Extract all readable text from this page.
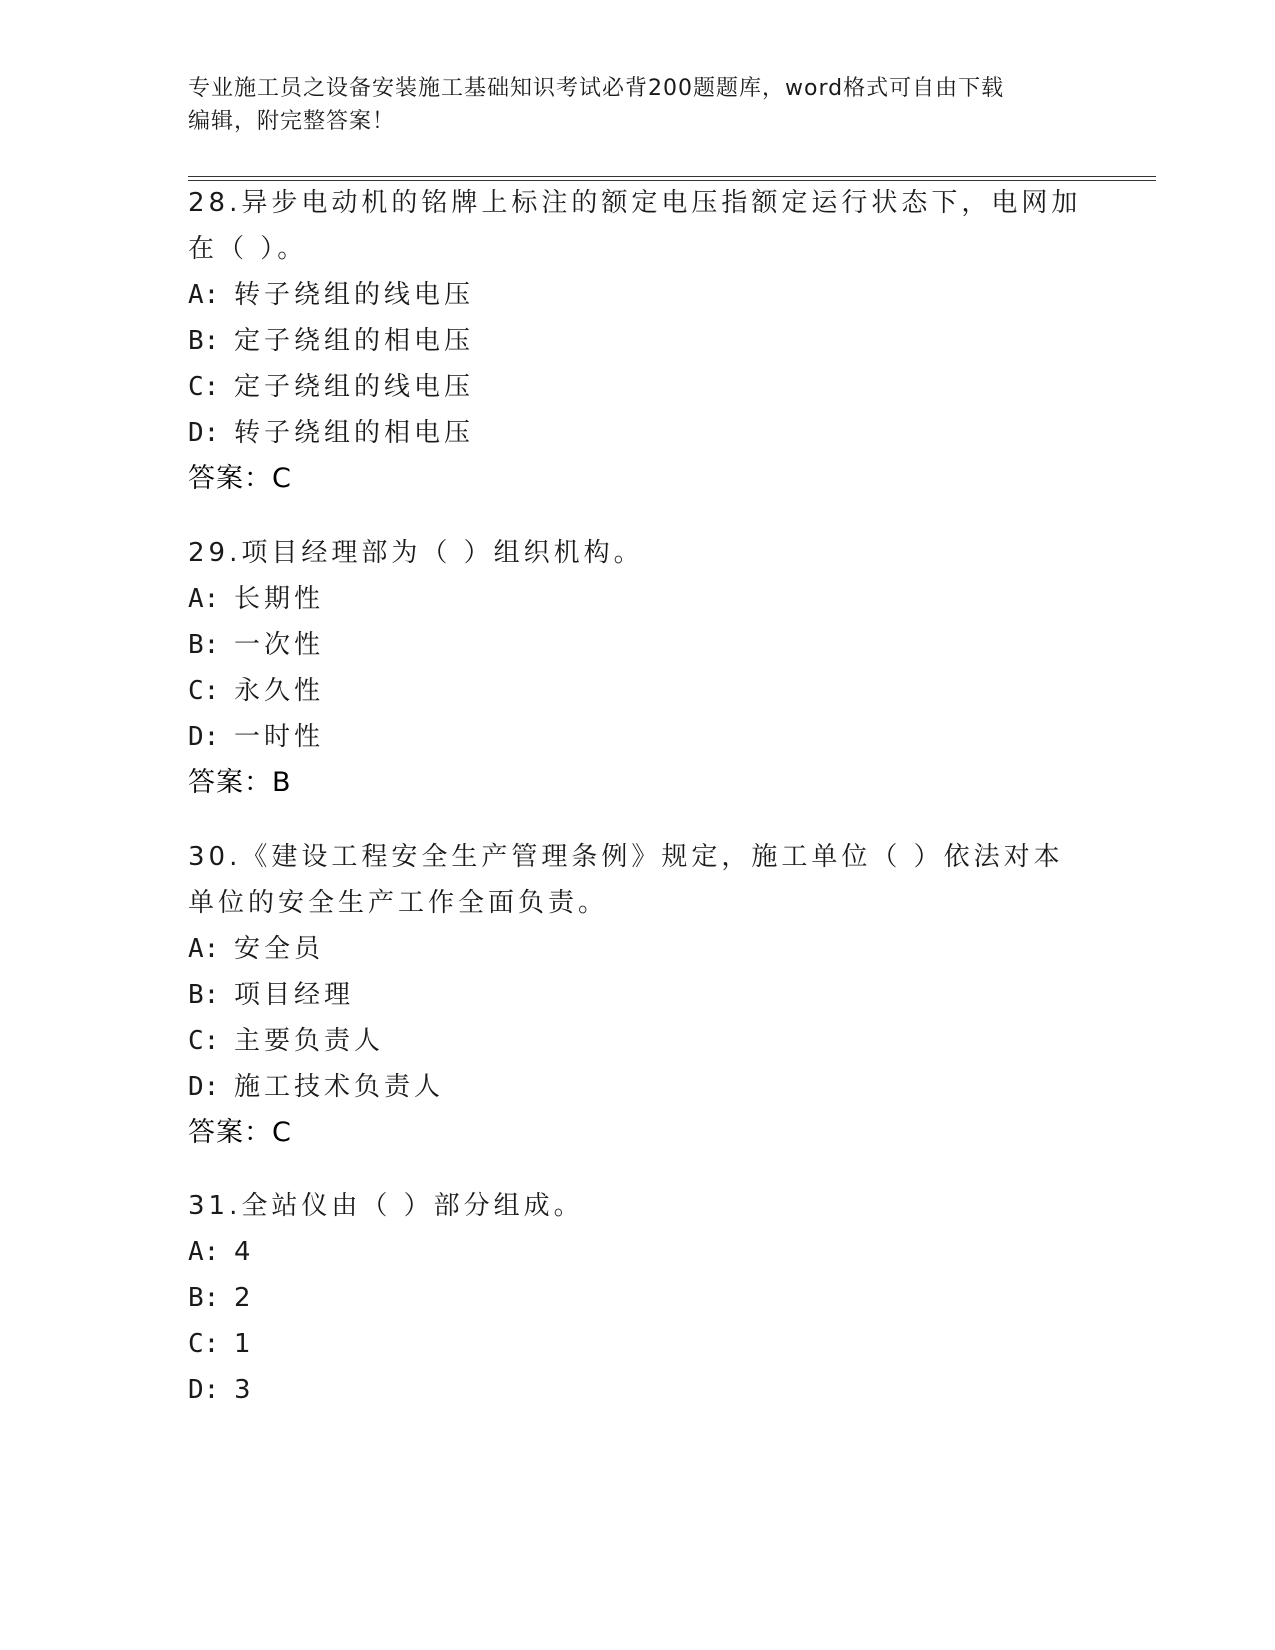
专业施工员之设备安装施工基础知识考试必背200题题库，word格式可自由下载
编辑，附完整答案！

28.异步电动机的铭牌上标注的额定电压指额定运行状态下，电网加在（ ）。

A: 转子绕组的线电压

B: 定子绕组的相电压

C: 定子绕组的线电压

D: 转子绕组的相电压

答案：C

29.项目经理部为（ ）组织机构。

A: 长期性

B: 一次性

C: 永久性

D: 一时性

答案：B

30.《建设工程安全生产管理条例》规定，施工单位（ ）依法对本单位的安全生产工作全面负责。

A: 安全员

B: 项目经理

C: 主要负责人

D: 施工技术负责人

答案：C

31.全站仪由（ ）部分组成。

A: 4

B: 2

C: 1

D: 3
